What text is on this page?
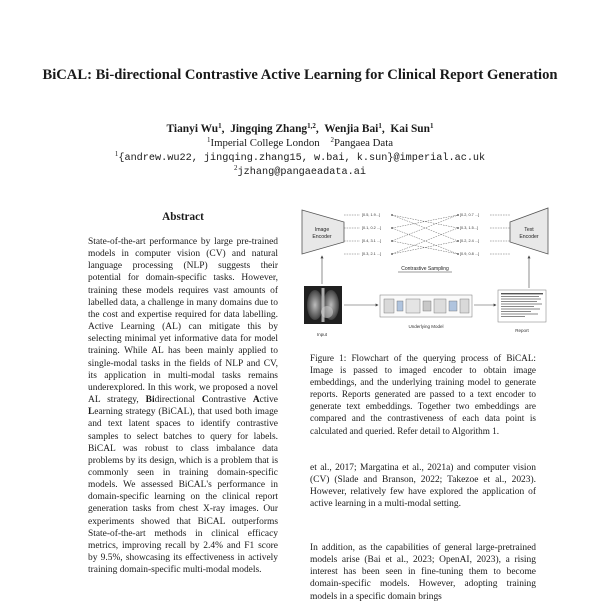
BiCAL: Bi-directional Contrastive Active Learning for Clinical Report Generation
Tianyi Wu$^1$,  Jingqing Zhang$^{1,2}$,  Wenjia Bai$^1$,  Kai Sun$^1$
$^1$Imperial College London $^2$Pangaea Data
$^1${andrew.wu22, jingqing.zhang15, w.bai, k.sun}@imperial.ac.uk
$^2$jzhang@pangaeadata.ai
Abstract

State-of-the-art performance by large pre-trained models in computer vision (CV) and natural language processing (NLP) suggests their potential for domain-specific tasks. However, training these models requires vast amounts of labelled data, a challenge in many domains due to the cost and expertise required for data labelling. Active Learning (AL) can mitigate this by selecting minimal yet informative data for model training. While AL has been mainly applied to single-modal tasks in the fields of NLP and CV, its application in multi-modal tasks remains underexplored. In this work, we proposed a novel AL strategy, Bidirectional Contrastive Active Learning strategy (BiCAL), that used both image and text latent spaces to identify contrastive samples to select batches to query for labels. BiCAL was robust to class imbalance data problems by its design, which is a problem that is commonly seen in training domain-specific models. We assessed BiCAL's performance in domain-specific learning on the clinical report generation tasks from chest X-ray images. Our experiments showed that BiCAL outperforms State-of-the-art methods in clinical efficacy metrics, improving recall by 2.4% and F1 score by 9.5%, showcasing its effectiveness in actively training domain-specific multi-modal models.

Image
Encoder
Text
Encoder
[0.5, 1.9...]
[0.1, 0.2 ...]
[0.4, 3.1 ...]
[0.3, 2.1 ...]
[0.2, 0.7 ...]
[0.3, 1.5...]
[0.2, 2.4 ...]
[0.9, 0.8 ...]
Contrastive Sampling
Input
Underlying Model
Report

Figure 1: Flowchart of the querying process of BiCAL: Image is passed to imaged encoder to obtain image embeddings, and the underlying training model to generate reports. Reports generated are passed to a text encoder to generate text embeddings. Together two embeddings are compared and the contrastiveness of each data point is calculated and queried. Refer detail to Algorithm 1.

et al., 2017; Margatina et al., 2021a) and computer vision (CV) (Slade and Branson, 2022; Takezoe et al., 2023). However, relatively few have explored the application of active learning in a multi-modal setting.

In addition, as the capabilities of general large-pretrained models arise (Bai et al., 2023; OpenAI, 2023), a rising interest has been seen in fine-tuning them to become domain-specific models. However, adopting training models in a specific domain brings
